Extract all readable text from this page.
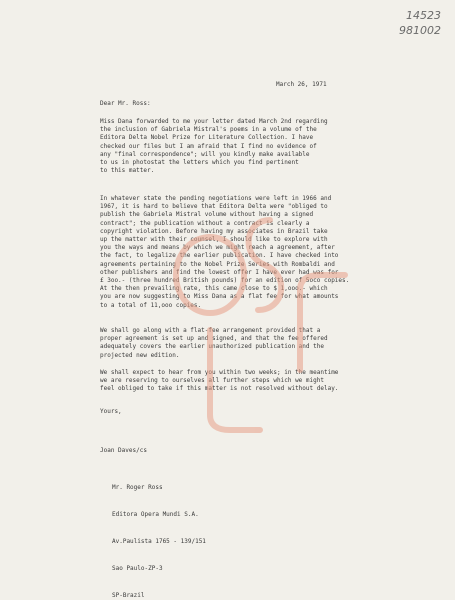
14523
981002
March 26, 1971
Dear Mr. Ross:
Miss Dana forwarded to me your letter dated March 2nd regarding
the inclusion of Gabriela Mistral's poems in a volume of the
Editora Delta Nobel Prize for Literature Collection. I have
checked our files but I am afraid that I find no evidence of
any "final correspondence"; will you kindly make available
to us in photostat the letters which you find pertinent
to this matter.
In whatever state the pending negotiations were left in 1966 and
1967, it is hard to believe that Editora Delta were "obliged to
publish the Gabriela Mistral volume without having a signed
contract"; the publication without a contract is clearly a
copyright violation. Before having my associates in Brazil take
up the matter with their counsel, I should like to explore with
you the ways and means by which we might reach a agreement, after
the fact, to legalize the earlier publication. I have checked into
agreements pertaining to the Nobel Prize Series with Rombaldi and
other publishers and find the lowest offer I have ever had was for
£ 3oo.- (three hundred British pounds) for an edition of 5oco copies.
At the then prevailing rate, this came close to $ 1,ooo.- which
you are now suggesting to Miss Dana as a flat fee for what amounts
to a total of 11,ooo copies.
We shall go along with a flat-fee arrangement provided that a
proper agreement is set up and signed, and that the fee offered
adequately covers the earlier unauthorized publication and the
projected new edition.
We shall expect to hear from you within two weeks; in the meantime
we are reserving to ourselves all further steps which we might
feel obliged to take if this matter is not resolved without delay.
Yours,
Joan Daves/cs

Mr. Roger Ross

Editora Opera Mundi S.A.

Av.Paulista 1765 - 139/151

Sao Paulo-ZP-3

SP-Brazil
